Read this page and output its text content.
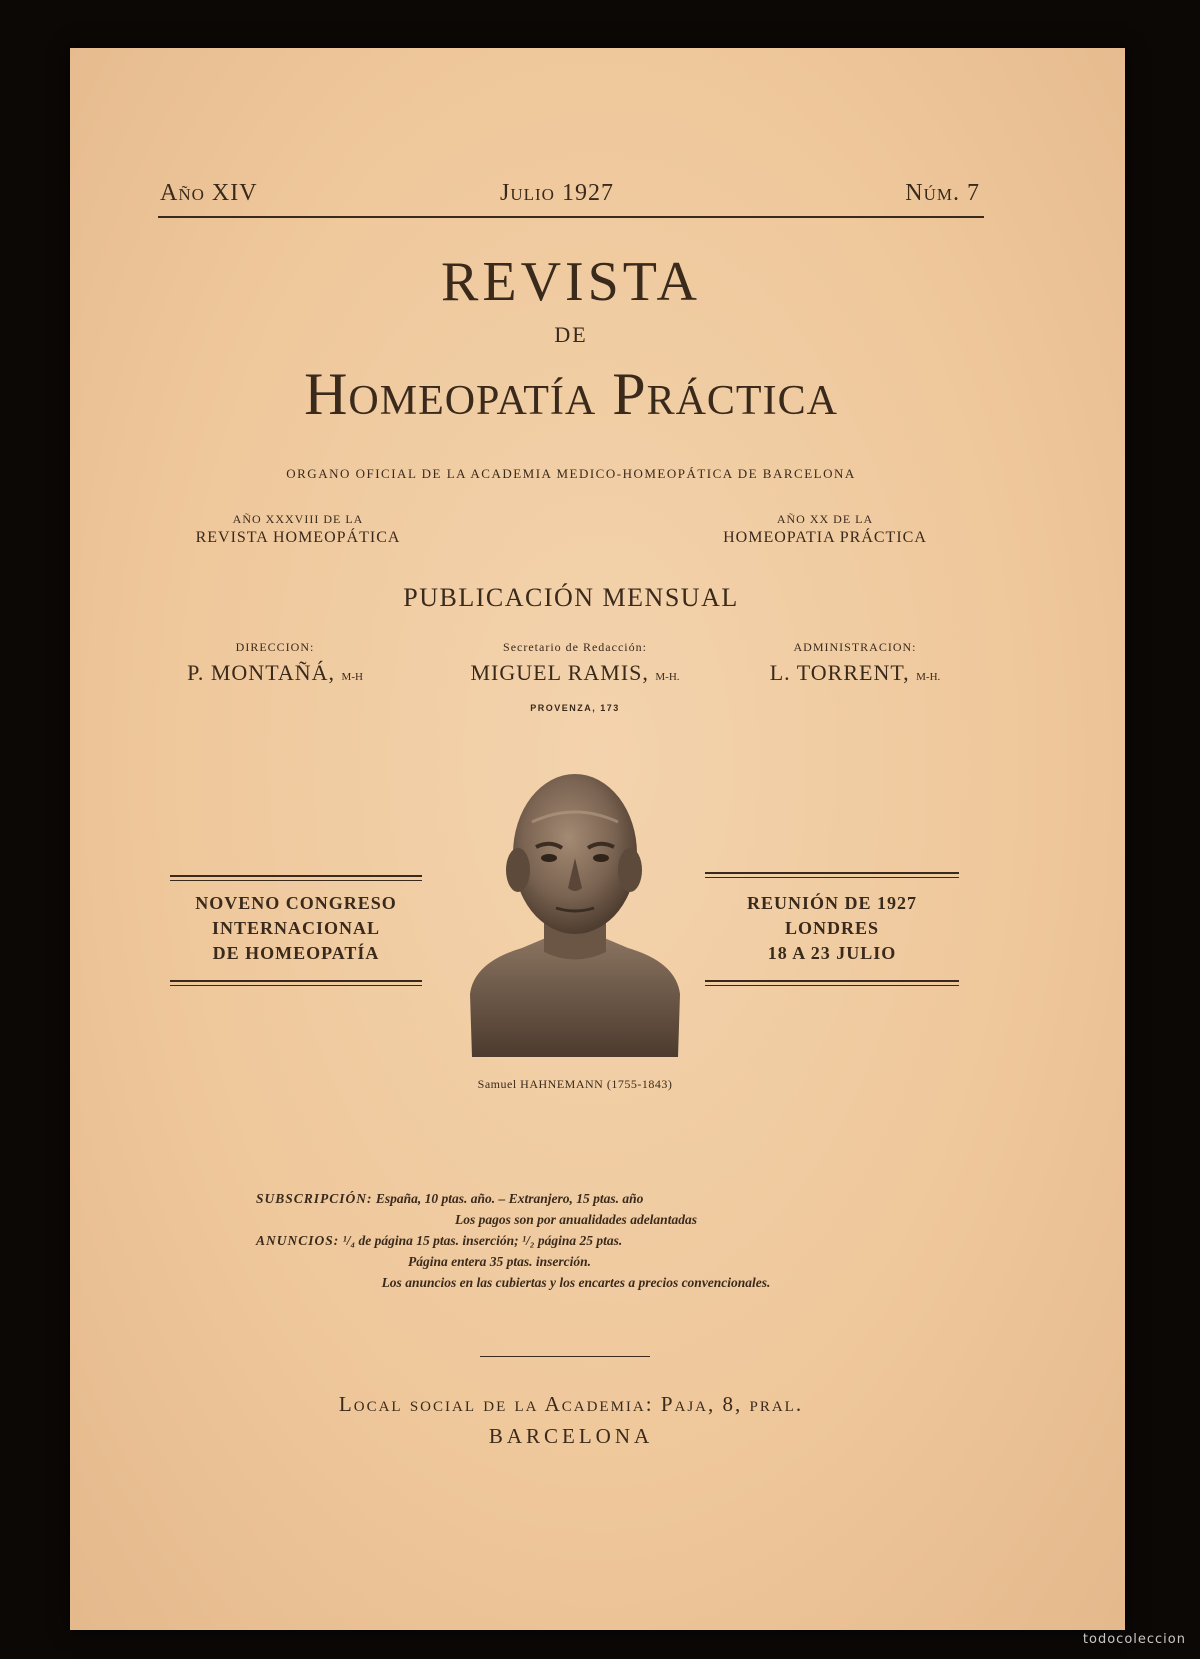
Año XIV	Julio 1927	Núm. 7
REVISTA
DE
Homeopatía Práctica
ORGANO OFICIAL DE LA ACADEMIA MEDICO-HOMEOPÁTICA DE BARCELONA
AÑO XXXVIII DE LA
REVISTA HOMEOPÁTICA
AÑO XX DE LA
HOMEOPATIA PRÁCTICA
PUBLICACIÓN MENSUAL
DIRECCION:
P. MONTAÑÁ, M-H
Secretario de Redacción:
MIGUEL RAMIS, M-H.
PROVENZA, 173
ADMINISTRACION:
L. TORRENT, M-H.
NOVENO CONGRESO
INTERNACIONAL
DE HOMEOPATÍA
REUNIÓN DE 1927
LONDRES
18 A 23 JULIO
Samuel HAHNEMANN (1755-1843)
SUBSCRIPCIÓN: España, 10 ptas. año. – Extranjero, 15 ptas. año
Los pagos son por anualidades adelantadas
ANUNCIOS: ¹/₄ de página 15 ptas. inserción; ¹/₂ página 25 ptas.
Página entera 35 ptas. inserción.
Los anuncios en las cubiertas y los encartes a precios convencionales.
Local social de la Academia: Paja, 8, pral.
BARCELONA
todocoleccion
